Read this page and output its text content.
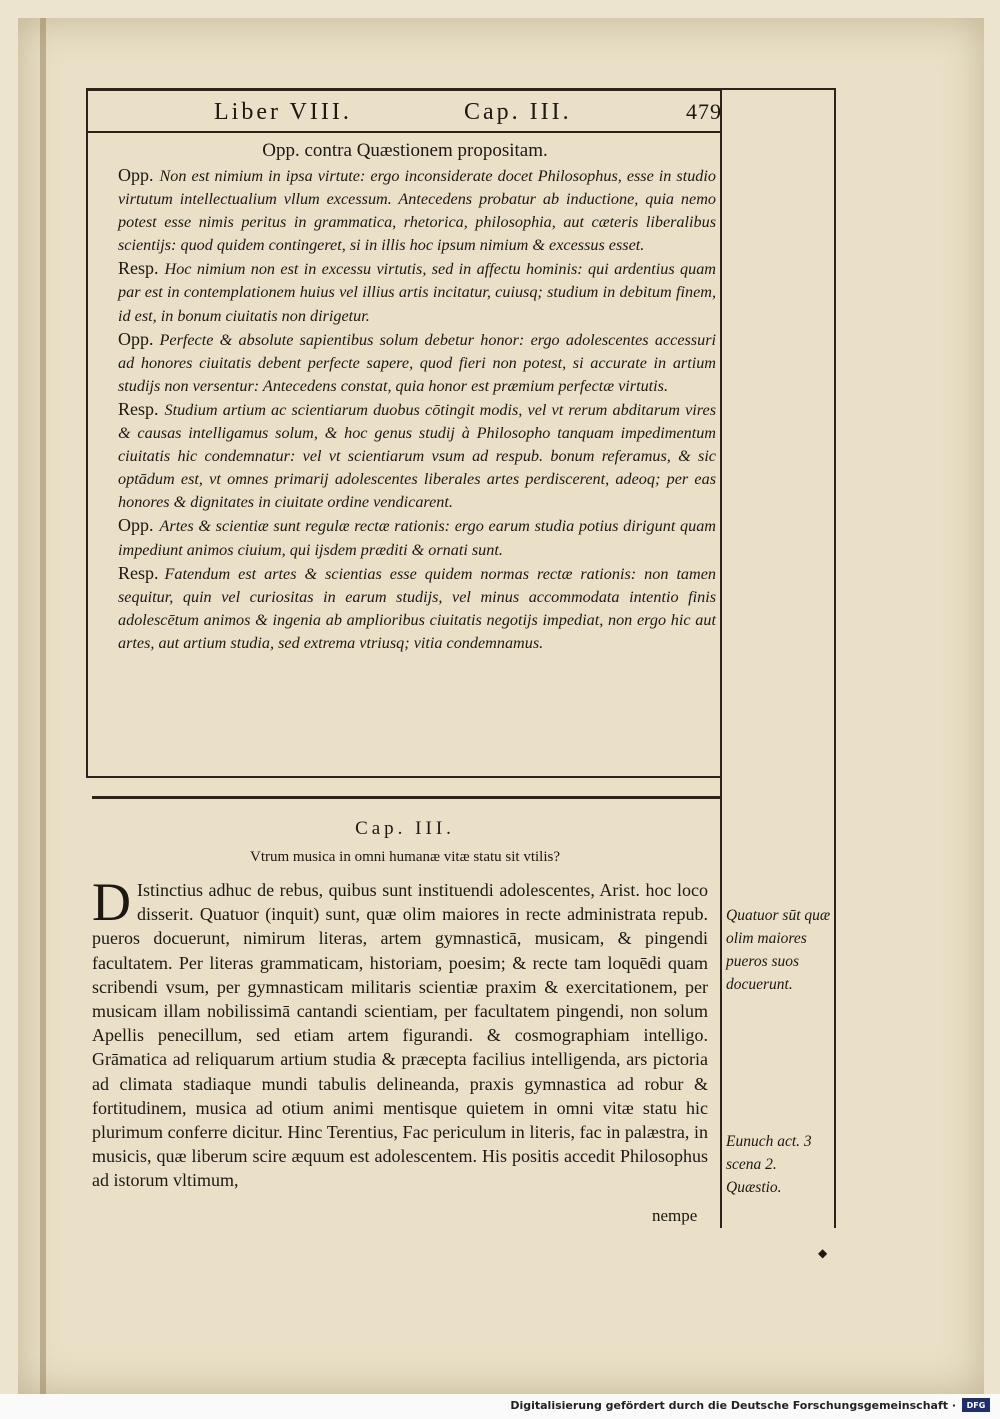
Liber VIII.	Cap. III.	479
Opp. contra Quæstionem propositam.

Opp. Non est nimium in ipsa virtute: ergo inconsiderate docet Philosophus, esse in studio virtutum intellectualium vllum excessum. Antecedens probatur ab inductione, quia nemo potest esse nimis peritus in grammatica, rhetorica, philosophia, aut cæteris liberalibus scientijs: quod quidem contingeret, si in illis hoc ipsum nimium & excessus esset.

Resp. Hoc nimium non est in excessu virtutis, sed in affectu hominis: qui ardentius quam par est in contemplationem huius vel illius artis incitatur, cuiusq; studium in debitum finem, id est, in bonum ciuitatis non dirigetur.

Opp. Perfecte & absolute sapientibus solum debetur honor: ergo adolescentes accessuri ad honores ciuitatis debent perfecte sapere, quod fieri non potest, si accurate in artium studijs non versentur: Antecedens constat, quia honor est præmium perfectæ virtutis.

Resp. Studium artium ac scientiarum duobus cōtingit modis, vel vt rerum abditarum vires & causas intelligamus solum, & hoc genus studij à Philosopho tanquam impedimentum ciuitatis hic condemnatur: vel vt scientiarum vsum ad respub. bonum referamus, & sic optādum est, vt omnes primarij adolescentes liberales artes perdiscerent, adeoq; per eas honores & dignitates in ciuitate ordine vendicarent.

Opp. Artes & scientiæ sunt regulæ rectæ rationis: ergo earum studia potius dirigunt quam impediunt animos ciuium, qui ijsdem præditi & ornati sunt.

Resp. Fatendum est artes & scientias esse quidem normas rectæ rationis: non tamen sequitur, quin vel curiositas in earum studijs, vel minus accommodata intentio finis adolescētum animos & ingenia ab amplioribus ciuitatis negotijs impediat, non ergo hic aut artes, aut artium studia, sed extrema vtriusq; vitia condemnamus.

Cap. III.
Vtrum musica in omni humanæ vitæ statu sit vtilis?
D Istinctius adhuc de rebus, quibus sunt instituendi adolescentes, Arist. hoc loco disserit. Quatuor (inquit) sunt, quæ olim maiores in recte administrata repub. pueros docuerunt, nimirum literas, artem gymnasticā, musicam, & pingendi facultatem. Per literas grammaticam, historiam, poesim; & recte tam loquēdi quam scribendi vsum, per gymnasticam militaris scientiæ praxim & exercitationem, per musicam illam nobilissimā cantandi scientiam, per facultatem pingendi, non solum Apellis penecillum, sed etiam artem figurandi. & cosmographiam intelligo. Grāmatica ad reliquarum artium studia & præcepta facilius intelligenda, ars pictoria ad climata stadiaque mundi tabulis delineanda, praxis gymnastica ad robur & fortitudinem, musica ad otium animi mentisque quietem in omni vitæ statu hic plurimum conferre dicitur. Hinc Terentius, Fac periculum in literis, fac in palæstra, in musicis, quæ liberum scire æquum est adolescentem. His positis accedit Philosophus ad istorum vltimum,
nempe
Quatuor sūt quæ olim maiores pueros suos docuerunt.
Eunuch act. 3 scena 2. Quæstio.
◆
Digitalisierung gefördert durch die Deutsche Forschungsgemeinschaft ·	DFG
